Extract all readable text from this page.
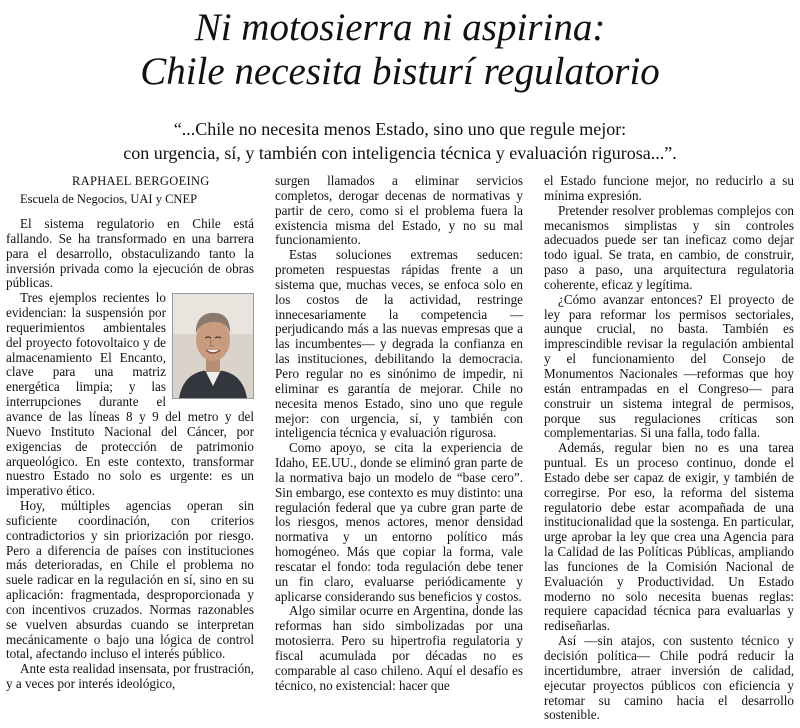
Ni motosierra ni aspirina:
Chile necesita bisturí regulatorio
“...Chile no necesita menos Estado, sino uno que regule mejor:
con urgencia, sí, y también con inteligencia técnica y evaluación rigurosa...”.
RAPHAEL BERGOEING
Escuela de Negocios, UAI y CNEP

El sistema regulatorio en Chile está fallando. Se ha transformado en una barrera para el desarrollo, obstaculizando tanto la inversión privada como la ejecución de obras públicas.

Tres ejemplos recientes lo evidencian: la suspensión por requerimientos ambientales del proyecto fotovoltaico y de almacenamiento El Encanto, clave para una matriz energética limpia; y las interrupciones durante el avance de las líneas 8 y 9 del metro y del Nuevo Instituto Nacional del Cáncer, por exigencias de protección de patrimonio arqueológico. En este contexto, transformar nuestro Estado no solo es urgente: es un imperativo ético.

Hoy, múltiples agencias operan sin suficiente coordinación, con criterios contradictorios y sin priorización por riesgo. Pero a diferencia de países con instituciones más deterioradas, en Chile el problema no suele radicar en la regulación en sí, sino en su aplicación: fragmentada, desproporcionada y con incentivos cruzados. Normas razonables se vuelven absurdas cuando se interpretan mecánicamente o bajo una lógica de control total, afectando incluso el interés público.

Ante esta realidad insensata, por frustración, y a veces por interés ideológico,

surgen llamados a eliminar servicios completos, derogar decenas de normativas y partir de cero, como si el problema fuera la existencia misma del Estado, y no su mal funcionamiento.

Estas soluciones extremas seducen: prometen respuestas rápidas frente a un sistema que, muchas veces, se enfoca solo en los costos de la actividad, restringe innecesariamente la competencia —perjudicando más a las nuevas empresas que a las incumbentes— y degrada la confianza en las instituciones, debilitando la democracia. Pero regular no es sinónimo de impedir, ni eliminar es garantía de mejorar. Chile no necesita menos Estado, sino uno que regule mejor: con urgencia, sí, y también con inteligencia técnica y evaluación rigurosa.

Como apoyo, se cita la experiencia de Idaho, EE.UU., donde se eliminó gran parte de la normativa bajo un modelo de “base cero”. Sin embargo, ese contexto es muy distinto: una regulación federal que ya cubre gran parte de los riesgos, menos actores, menor densidad normativa y un entorno político más homogéneo. Más que copiar la forma, vale rescatar el fondo: toda regulación debe tener un fin claro, evaluarse periódicamente y aplicarse considerando sus beneficios y costos.

Algo similar ocurre en Argentina, donde las reformas han sido simbolizadas por una motosierra. Pero su hipertrofia regulatoria y fiscal acumulada por décadas no es comparable al caso chileno. Aquí el desafío es técnico, no existencial: hacer que

el Estado funcione mejor, no reducirlo a su mínima expresión.

Pretender resolver problemas complejos con mecanismos simplistas y sin controles adecuados puede ser tan ineficaz como dejar todo igual. Se trata, en cambio, de construir, paso a paso, una arquitectura regulatoria coherente, eficaz y legítima.

¿Cómo avanzar entonces? El proyecto de ley para reformar los permisos sectoriales, aunque crucial, no basta. También es imprescindible revisar la regulación ambiental y el funcionamiento del Consejo de Monumentos Nacionales —reformas que hoy están entrampadas en el Congreso— para construir un sistema integral de permisos, porque sus regulaciones críticas son complementarias. Si una falla, todo falla.

Además, regular bien no es una tarea puntual. Es un proceso continuo, donde el Estado debe ser capaz de exigir, y también de corregirse. Por eso, la reforma del sistema regulatorio debe estar acompañada de una institucionalidad que la sostenga. En particular, urge aprobar la ley que crea una Agencia para la Calidad de las Políticas Públicas, ampliando las funciones de la Comisión Nacional de Evaluación y Productividad. Un Estado moderno no solo necesita buenas reglas: requiere capacidad técnica para evaluarlas y rediseñarlas.

Así —sin atajos, con sustento técnico y decisión política— Chile podrá reducir la incertidumbre, atraer inversión de calidad, ejecutar proyectos públicos con eficiencia y retomar su camino hacia el desarrollo sostenible.
